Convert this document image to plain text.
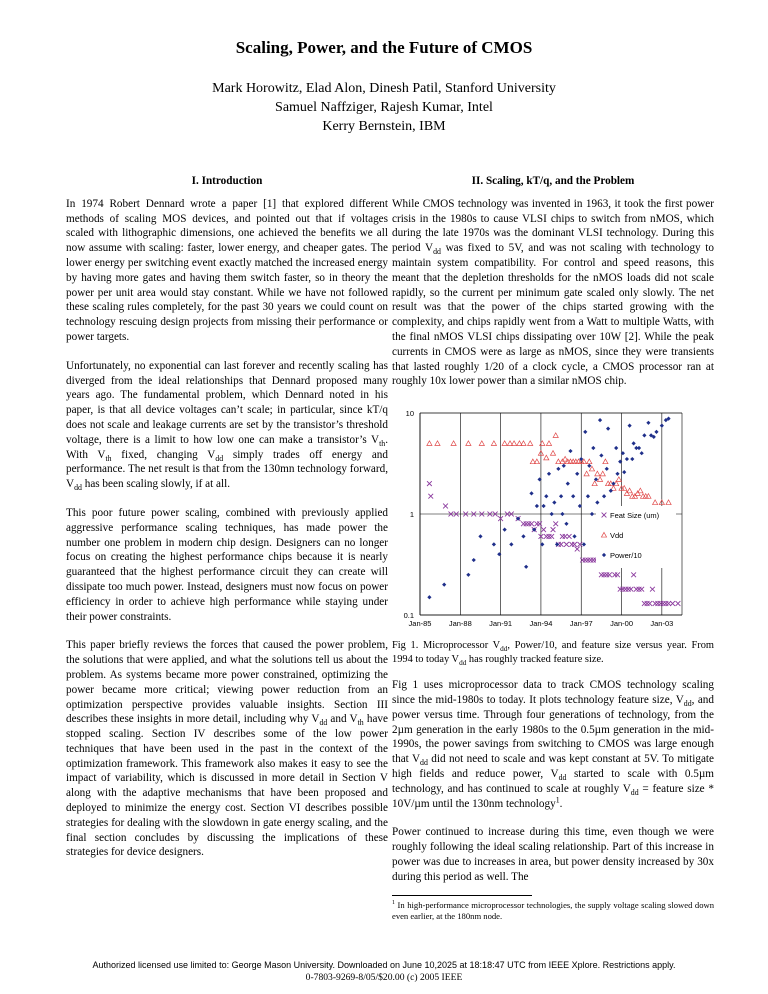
Scaling, Power, and the Future of CMOS
Mark Horowitz, Elad Alon, Dinesh Patil, Stanford University
Samuel Naffziger, Rajesh Kumar, Intel
Kerry Bernstein, IBM
I. Introduction

In 1974 Robert Dennard wrote a paper [1] that explored different methods of scaling MOS devices, and pointed out that if voltages scaled with lithographic dimensions, one achieved the benefits we all now assume with scaling: faster, lower energy, and cheaper gates. The lower energy per switching event exactly matched the increased energy by having more gates and having them switch faster, so in theory the power per unit area would stay constant. While we have not followed these scaling rules completely, for the past 30 years we could count on technology rescuing design projects from missing their performance or power targets.

Unfortunately, no exponential can last forever and recently scaling has diverged from the ideal relationships that Dennard proposed many years ago. The fundamental problem, which Dennard noted in his paper, is that all device voltages can’t scale; in particular, since kT/q does not scale and leakage currents are set by the transistor’s threshold voltage, there is a limit to how low one can make a transistor’s $V_{th}$. With $V_{th}$ fixed, changing $V_{dd}$ simply trades off energy and performance. The net result is that from the 130mn technology forward, $V_{dd}$ has been scaling slowly, if at all.

This poor future power scaling, combined with previously applied aggressive performance scaling techniques, has made power the number one problem in modern chip design. Designers can no longer focus on creating the highest performance chips because it is nearly guaranteed that the highest performance circuit they can create will dissipate too much power. Instead, designers must now focus on power efficiency in order to achieve high performance while staying under their power constraints.

This paper briefly reviews the forces that caused the power problem, the solutions that were applied, and what the solutions tell us about the problem. As systems became more power constrained, optimizing the power became more critical; viewing power reduction from an optimization perspective provides valuable insights. Section III describes these insights in more detail, including why $V_{dd}$ and $V_{th}$ have stopped scaling. Section IV describes some of the low power techniques that have been used in the past in the context of the optimization framework. This framework also makes it easy to see the impact of variability, which is discussed in more detail in Section V along with the adaptive mechanisms that have been proposed and deployed to minimize the energy cost. Section VI describes possible strategies for dealing with the slowdown in gate energy scaling, and the final section concludes by discussing the implications of these strategies for device designers.

II. Scaling, kT/q, and the Problem

While CMOS technology was invented in 1963, it took the first power crisis in the 1980s to cause VLSI chips to switch from nMOS, which during the late 1970s was the dominant VLSI technology. During this period $V_{dd}$ was fixed to 5V, and was not scaling with technology to maintain system compatibility. For control and speed reasons, this meant that the depletion thresholds for the nMOS loads did not scale rapidly, so the current per minimum gate scaled only slowly. The net result was that the power of the chips started growing with the complexity, and chips rapidly went from a Watt to multiple Watts, with the final nMOS VLSI chips dissipating over 10W [2]. While the peak currents in CMOS were as large as nMOS, since they were transients that lasted roughly 1/20 of a clock cycle, a CMOS processor ran at roughly 10x lower power than a similar nMOS chip.

0.1
1
10
Jan-85 Jan-88 Jan-91 Jan-94 Jan-97 Jan-00 Jan-03
Feat Size (um)
Vdd
Power/10
Fig 1. Microprocessor $V_{dd}$, Power/10, and feature size versus year. From 1994 to today $V_{dd}$ has roughly tracked feature size.

Fig 1 uses microprocessor data to track CMOS technology scaling since the mid-1980s to today. It plots technology feature size, $V_{dd}$, and power versus time. Through four generations of technology, from the 2µm generation in the early 1980s to the 0.5µm generation in the mid-1990s, the power savings from switching to CMOS was large enough that $V_{dd}$ did not need to scale and was kept constant at 5V. To mitigate high fields and reduce power, $V_{dd}$ started to scale with 0.5µm technology, and has continued to scale at roughly $V_{dd}$ = feature size * 10V/µm until the 130nm technology$^1$.

Power continued to increase during this time, even though we were roughly following the ideal scaling relationship. Part of this increase in power was due to increases in area, but power density increased by 30x during this period as well. The

$^1$ In high-performance microprocessor technologies, the supply voltage scaling slowed down even earlier, at the 180nm node.
Authorized licensed use limited to: George Mason University. Downloaded on June 10,2025 at 18:18:47 UTC from IEEE Xplore. Restrictions apply.
0-7803-9269-8/05/$20.00 (c) 2005 IEEE
